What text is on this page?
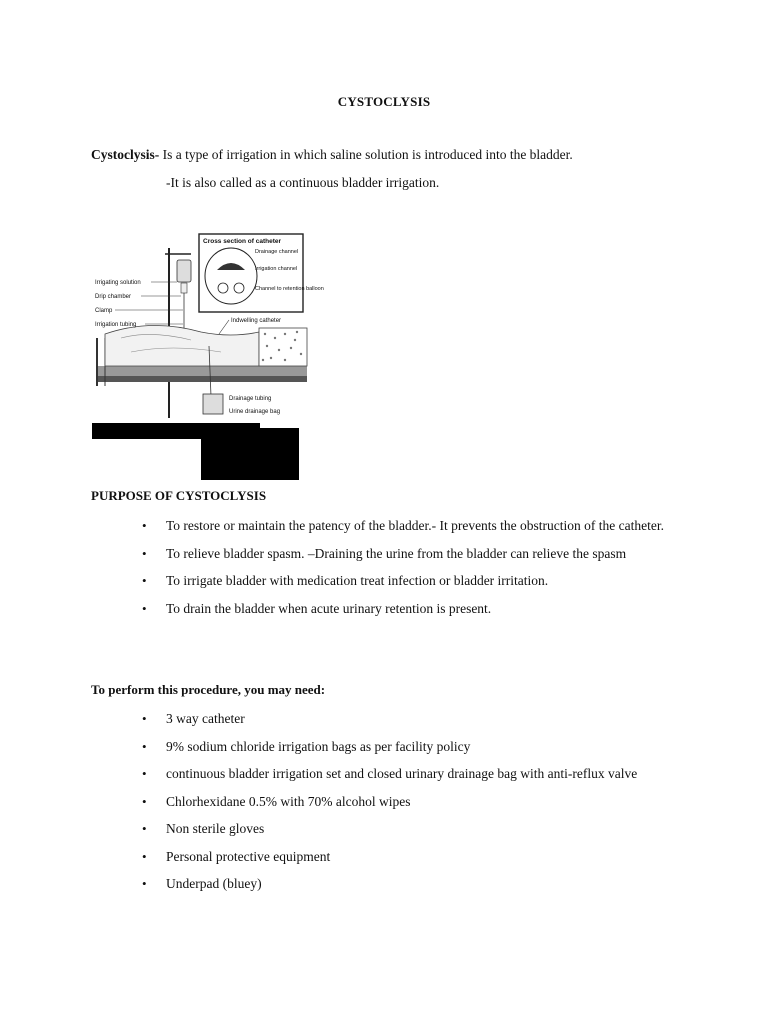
CYSTOCLYSIS
Cystoclysis- Is a type of irrigation in which saline solution is introduced into the bladder.
-It is also called as a continuous bladder irrigation.
Cross section of catheter
Drainage channel
Irrigation channel
Channel to retention balloon
Irrigating solution
Drip chamber
Clamp
Irrigation tubing
Indwelling catheter
Drainage tubing
Urine drainage bag
PURPOSE OF CYSTOCLYSIS
• To restore or maintain the patency of the bladder.- It prevents the obstruction of the catheter.
• To relieve bladder spasm. –Draining the urine from the bladder can relieve the spasm
• To irrigate bladder with medication treat infection or bladder irritation.
• To drain the bladder when acute urinary retention is present.
To perform this procedure, you may need:
• 3 way catheter
• 9% sodium chloride irrigation bags as per facility policy
• continuous bladder irrigation set and closed urinary drainage bag with anti-reflux valve
• Chlorhexidane 0.5% with 70% alcohol wipes
• Non sterile gloves
• Personal protective equipment
• Underpad (bluey)
